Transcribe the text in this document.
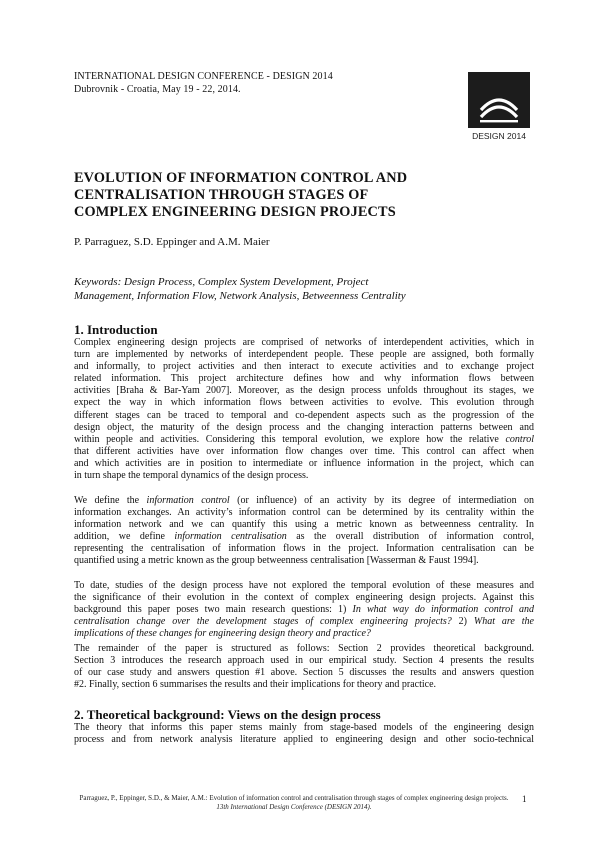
INTERNATIONAL DESIGN CONFERENCE - DESIGN 2014
Dubrovnik - Croatia, May 19 - 22, 2014.
DESIGN 2014
EVOLUTION OF INFORMATION CONTROL AND
CENTRALISATION THROUGH STAGES OF
COMPLEX ENGINEERING DESIGN PROJECTS
P. Parraguez, S.D. Eppinger and A.M. Maier
Keywords: Design Process, Complex System Development, Project
Management, Information Flow, Network Analysis, Betweenness Centrality
1. Introduction
Complex engineering design projects are comprised of networks of interdependent activities, which in
turn are implemented by networks of interdependent people. These people are assigned, both formally
and informally, to project activities and then interact to execute activities and to exchange project
related information. This project architecture defines how and why information flows between
activities [Braha & Bar-Yam 2007]. Moreover, as the design process unfolds throughout its stages, we
expect the way in which information flows between activities to evolve. This evolution through
different stages can be traced to temporal and co-dependent aspects such as the progression of the
design object, the maturity of the design process and the changing interaction patterns between and
within people and activities. Considering this temporal evolution, we explore how the relative control
that different activities have over information flow changes over time. This control can affect when
and which activities are in position to intermediate or influence information in the project, which can
in turn shape the temporal dynamics of the design process.
We define the information control (or influence) of an activity by its degree of intermediation on
information exchanges. An activity’s information control can be determined by its centrality within the
information network and we can quantify this using a metric known as betweenness centrality. In
addition, we define information centralisation as the overall distribution of information control,
representing the centralisation of information flows in the project. Information centralisation can be
quantified using a metric known as the group betweenness centralisation [Wasserman & Faust 1994].
To date, studies of the design process have not explored the temporal evolution of these measures and
the significance of their evolution in the context of complex engineering design projects. Against this
background this paper poses two main research questions: 1) In what way do information control and
centralisation change over the development stages of complex engineering projects? 2) What are the
implications of these changes for engineering design theory and practice?
The remainder of the paper is structured as follows: Section 2 provides theoretical background.
Section 3 introduces the research approach used in our empirical study. Section 4 presents the results
of our case study and answers question #1 above. Section 5 discusses the results and answers question
#2. Finally, section 6 summarises the results and their implications for theory and practice.
2. Theoretical background: Views on the design process
The theory that informs this paper stems mainly from stage-based models of the engineering design
process and from network analysis literature applied to engineering design and other socio-technical
Parraguez, P., Eppinger, S.D., & Maier, A.M.: Evolution of information control and centralisation through stages of complex engineering design projects.
13th International Design Conference (DESIGN 2014).
1
